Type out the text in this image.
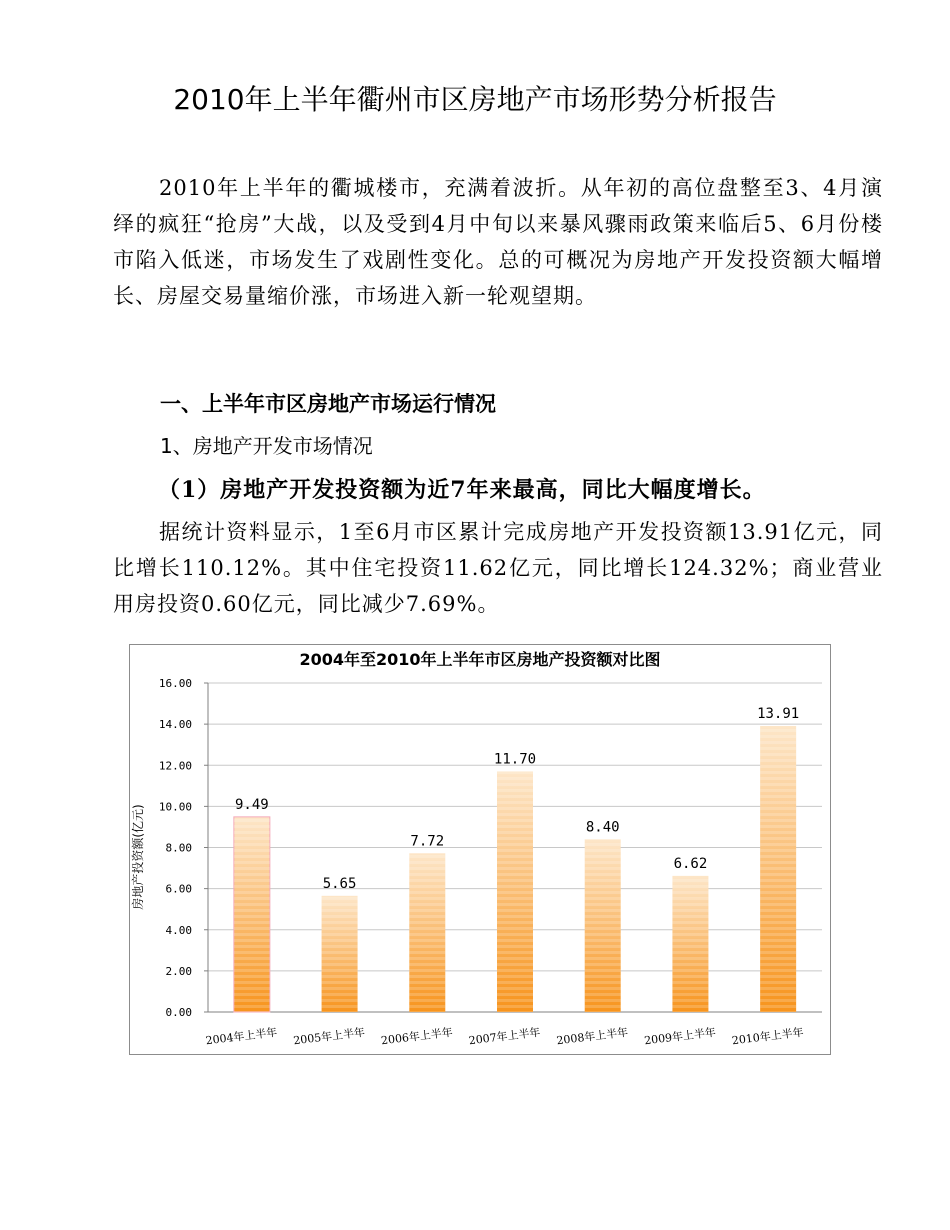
2010年上半年衢州市区房地产市场形势分析报告

2010年上半年的衢城楼市，充满着波折。从年初的高位盘整至3、4月演绎的疯狂“抢房”大战，以及受到4月中旬以来暴风骤雨政策来临后5、6月份楼市陷入低迷，市场发生了戏剧性变化。总的可概况为房地产开发投资额大幅增长、房屋交易量缩价涨，市场进入新一轮观望期。

一、上半年市区房地产市场运行情况

1、房地产开发市场情况

（1）房地产开发投资额为近7年来最高，同比大幅度增长。

据统计资料显示，1至6月市区累计完成房地产开发投资额13.91亿元，同比增长110.12%。其中住宅投资11.62亿元，同比增长124.32%；商业营业用房投资0.60亿元，同比减少7.69%。

2004年至2010年上半年市区房地产投资额对比图
房地产投资额(亿元)
0.00
2.00
4.00
6.00
8.00
10.00
12.00
14.00
16.00
9.49
2004年上半年
5.65
2005年上半年
7.72
2006年上半年
11.70
2007年上半年
8.40
2008年上半年
6.62
2009年上半年
13.91
2010年上半年
